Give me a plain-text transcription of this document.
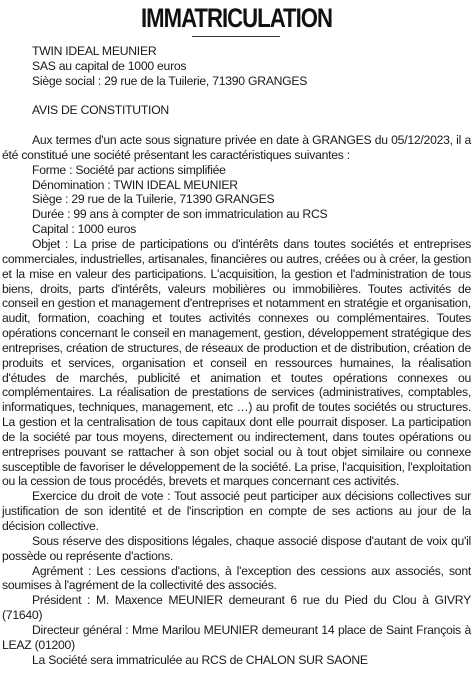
IMMATRICULATION

TWIN IDEAL MEUNIER

SAS au capital de 1000 euros

Siège social : 29 rue de la Tuilerie, 71390 GRANGES

AVIS DE CONSTITUTION

Aux termes d'un acte sous signature privée en date à GRANGES du 05/12/2023, il a été constitué une société présentant les caractéristiques suivantes :

Forme : Société par actions simplifiée

Dénomination : TWIN IDEAL MEUNIER

Siège : 29 rue de la Tuilerie, 71390 GRANGES

Durée : 99 ans à compter de son immatriculation au RCS

Capital : 1000 euros

Objet : La prise de participations ou d'intérêts dans toutes sociétés et entreprises commerciales, industrielles, artisanales, financières ou autres, créées ou à créer, la gestion et la mise en valeur des participations. L'acquisition, la gestion et l'administration de tous biens, droits, parts d'intérêts, valeurs mobilières ou immobilières. Toutes activités de conseil en gestion et management d'entreprises et notamment en stratégie et organisation, audit, formation, coaching et toutes activités connexes ou complémentaires. Toutes opérations concernant le conseil en management, gestion, développement stratégique des entreprises, création de structures, de réseaux de production et de distribution, création de produits et services, organisation et conseil en ressources humaines, la réalisation d'études de marchés, publicité et animation et toutes opérations connexes ou complémentaires. La réalisation de prestations de services (administratives, comptables, informatiques, techniques, management, etc …) au profit de toutes sociétés ou structures. La gestion et la centralisation de tous capitaux dont elle pourrait disposer. La participation de la société par tous moyens, directement ou indirectement, dans toutes opérations ou entreprises pouvant se rattacher à son objet social ou à tout objet similaire ou connexe susceptible de favoriser le développement de la société. La prise, l'acquisition, l'exploitation ou la cession de tous procédés, brevets et marques concernant ces activités.

Exercice du droit de vote : Tout associé peut participer aux décisions collectives sur justification de son identité et de l'inscription en compte de ses actions au jour de la décision collective.

Sous réserve des dispositions légales, chaque associé dispose d'autant de voix qu'il possède ou représente d'actions.

Agrément : Les cessions d'actions, à l'exception des cessions aux associés, sont soumises à l'agrément de la collectivité des associés.

Président : M. Maxence MEUNIER demeurant 6 rue du Pied du Clou à GIVRY (71640)

Directeur général : Mme Marilou MEUNIER demeurant 14 place de Saint François à LEAZ (01200)

La Société sera immatriculée au RCS de CHALON SUR SAONE
